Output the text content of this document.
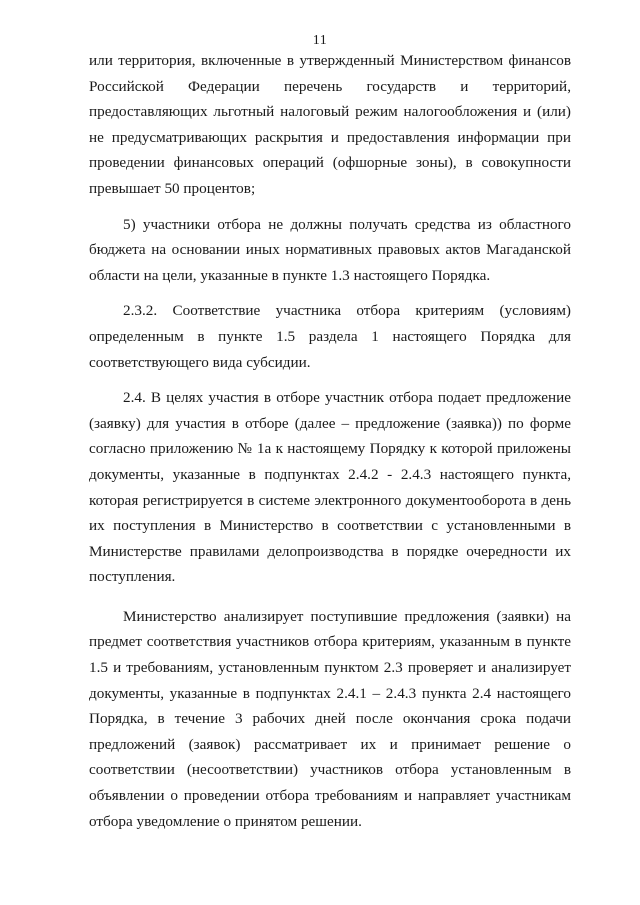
11

или территория, включенные в утвержденный Министерством финансов Российской Федерации перечень государств и территорий, предоставляющих льготный налоговый режим налогообложения и (или) не предусматривающих раскрытия и предоставления информации при проведении финансовых операций (офшорные зоны), в совокупности превышает 50 процентов;

5) участники отбора не должны получать средства из областного бюджета на основании иных нормативных правовых актов Магаданской области на цели, указанные в пункте 1.3 настоящего Порядка.

2.3.2. Соответствие участника отбора критериям (условиям) определенным в пункте 1.5 раздела 1 настоящего Порядка для соответствующего вида субсидии.

2.4. В целях участия в отборе участник отбора подает предложение (заявку) для участия в отборе (далее – предложение (заявка)) по форме согласно приложению № 1а к настоящему Порядку к которой приложены документы, указанные в подпунктах 2.4.2 - 2.4.3 настоящего пункта, которая регистрируется в системе электронного документооборота в день их поступления в Министерство в соответствии с установленными в Министерстве правилами делопроизводства в порядке очередности их поступления.

Министерство анализирует поступившие предложения (заявки) на предмет соответствия участников отбора критериям, указанным в пункте 1.5 и требованиям, установленным пунктом 2.3 проверяет и анализирует документы, указанные в подпунктах 2.4.1 – 2.4.3 пункта 2.4 настоящего Порядка, в течение 3 рабочих дней после окончания срока подачи предложений (заявок) рассматривает их и принимает решение о соответствии (несоответствии) участников отбора установленным в объявлении о проведении отбора требованиям и направляет участникам отбора уведомление о принятом решении.
